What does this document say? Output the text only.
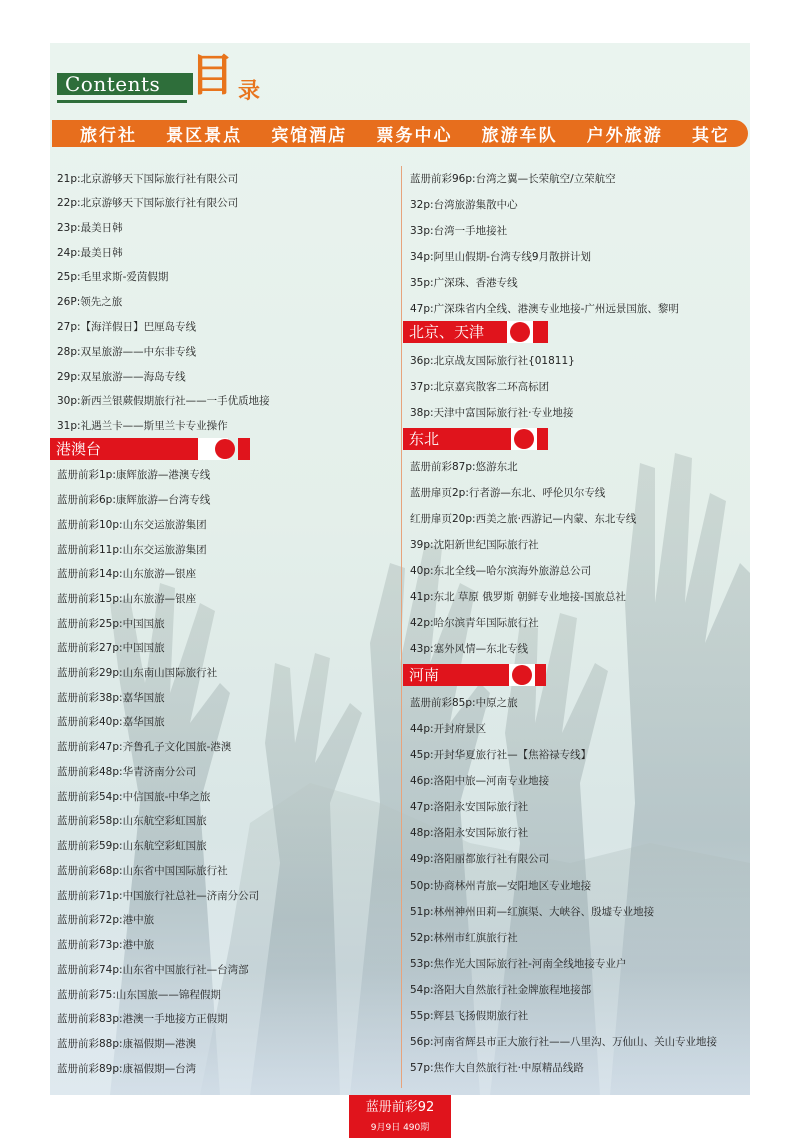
Contents 目 录
旅行社 景区景点 宾馆酒店 票务中心 旅游车队 户外旅游 其它
21p:北京游够天下国际旅行社有限公司
22p:北京游够天下国际旅行社有限公司
23p:最美日韩
24p:最美日韩
25p:毛里求斯-爱茵假期
26P:领先之旅
27p:【海洋假日】巴厘岛专线
28p:双星旅游——中东非专线
29p:双星旅游——海岛专线
30p:新西兰银蕨假期旅行社——一手优质地接
31p:礼遇兰卡——斯里兰卡专业操作
港澳台
蓝册前彩1p:康辉旅游—港澳专线
蓝册前彩6p:康辉旅游—台湾专线
蓝册前彩10p:山东交运旅游集团
蓝册前彩11p:山东交运旅游集团
蓝册前彩14p:山东旅游—银座
蓝册前彩15p:山东旅游—银座
蓝册前彩25p:中国国旅
蓝册前彩27p:中国国旅
蓝册前彩29p:山东南山国际旅行社
蓝册前彩38p:嘉华国旅
蓝册前彩40p:嘉华国旅
蓝册前彩47p:齐鲁孔子文化国旅-港澳
蓝册前彩48p:华青济南分公司
蓝册前彩54p:中信国旅-中华之旅
蓝册前彩58p:山东航空彩虹国旅
蓝册前彩59p:山东航空彩虹国旅
蓝册前彩68p:山东省中国国际旅行社
蓝册前彩71p:中国旅行社总社—济南分公司
蓝册前彩72p:港中旅
蓝册前彩73p:港中旅
蓝册前彩74p:山东省中国旅行社—台湾部
蓝册前彩75:山东国旅——锦程假期
蓝册前彩83p:港澳一手地接方正假期
蓝册前彩88p:康福假期—港澳
蓝册前彩89p:康福假期—台湾
蓝册前彩96p:台湾之翼—长荣航空/立荣航空
32p:台湾旅游集散中心
33p:台湾一手地接社
34p:阿里山假期-台湾专线9月散拼计划
35p:广深珠、香港专线
47p:广深珠省内全线、港澳专业地接-广州远景国旅、黎明
北京、天津
36p:北京战友国际旅行社{01811}
37p:北京嘉宾散客二环高标团
38p:天津中富国际旅行社·专业地接
东北
蓝册前彩87p:悠游东北
蓝册扉页2p:行者游—东北、呼伦贝尔专线
红册扉页20p:西美之旅·西游记—内蒙、东北专线
39p:沈阳新世纪国际旅行社
40p:东北全线—哈尔滨海外旅游总公司
41p:东北 草原 俄罗斯 朝鲜专业地接-国旅总社
42p:哈尔滨青年国际旅行社
43p:塞外风情—东北专线
河南
蓝册前彩85p:中原之旅
44p:开封府景区
45p:开封华夏旅行社—【焦裕禄专线】
46p:洛阳中旅—河南专业地接
47p:洛阳永安国际旅行社
48p:洛阳永安国际旅行社
49p:洛阳丽都旅行社有限公司
50p:协商林州青旅—安阳地区专业地接
51p:林州神州田莉—红旗渠、大峡谷、殷墟专业地接
52p:林州市红旗旅行社
53p:焦作光大国际旅行社-河南全线地接专业户
54p:洛阳大自然旅行社金牌旅程地接部
55p:辉县飞扬假期旅行社
56p:河南省辉县市正大旅行社——八里沟、万仙山、关山专业地接
57p:焦作大自然旅行社·中原精品线路
蓝册前彩92
9月9日 490期
